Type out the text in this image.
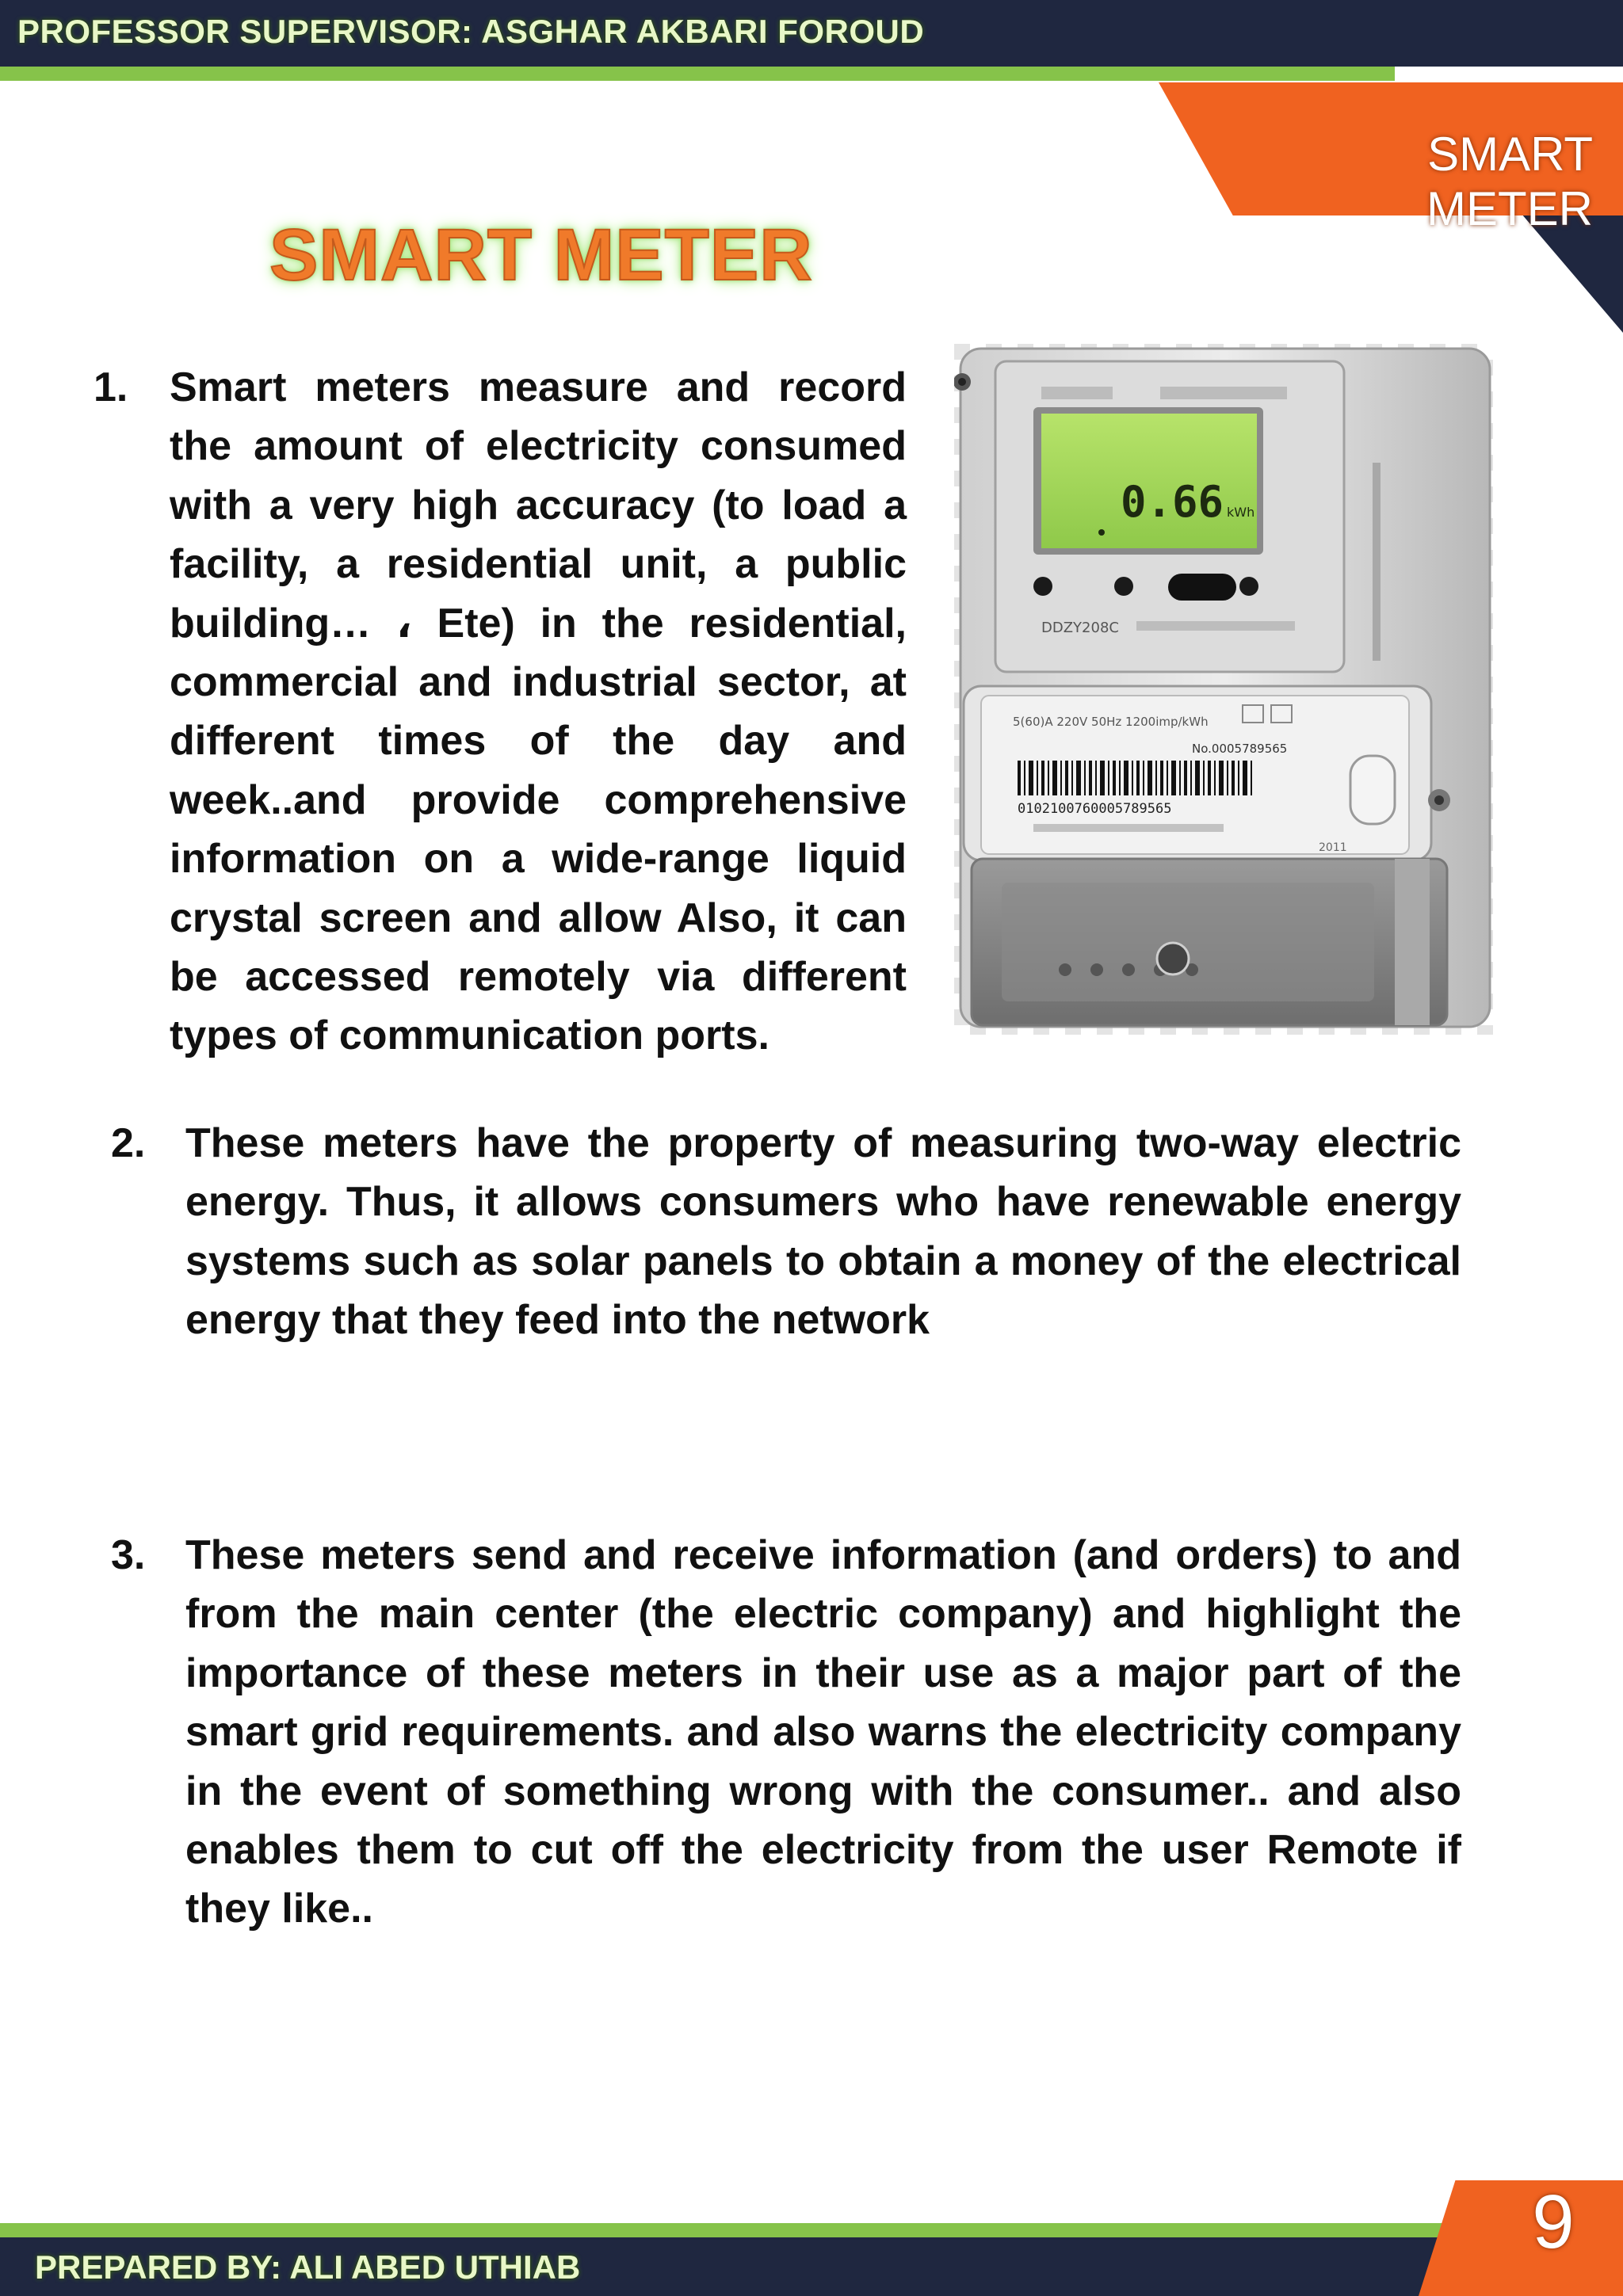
PROFESSOR SUPERVISOR: ASGHAR AKBARI FOROUD
SMART METER
SMART METER
1. Smart meters measure and record the amount of electricity consumed with a very high accuracy (to load a facility, a residential unit, a public building… ، Ete) in the residential, commercial and industrial sector, at different times of the day and week..and provide comprehensive information on a wide-range liquid crystal screen and allow Also, it can be accessed remotely via different types of communication ports.
0.66 kWh
DDZY208C
5(60)A 220V 50Hz 1200imp/kWh
No.0005789565
0102100760005789565
2011
2. These meters have the property of measuring two-way electric energy. Thus, it allows consumers who have renewable energy systems such as solar panels to obtain a money of the electrical energy that they feed into the network
3. These meters send and receive information (and orders) to and from the main center (the electric company) and highlight the importance of these meters in their use as a major part of the smart grid requirements. and also warns the electricity company in the event of something wrong with the consumer.. and also enables them to cut off the electricity from the user Remote if they like..
PREPARED BY: ALI ABED UTHIAB
9
